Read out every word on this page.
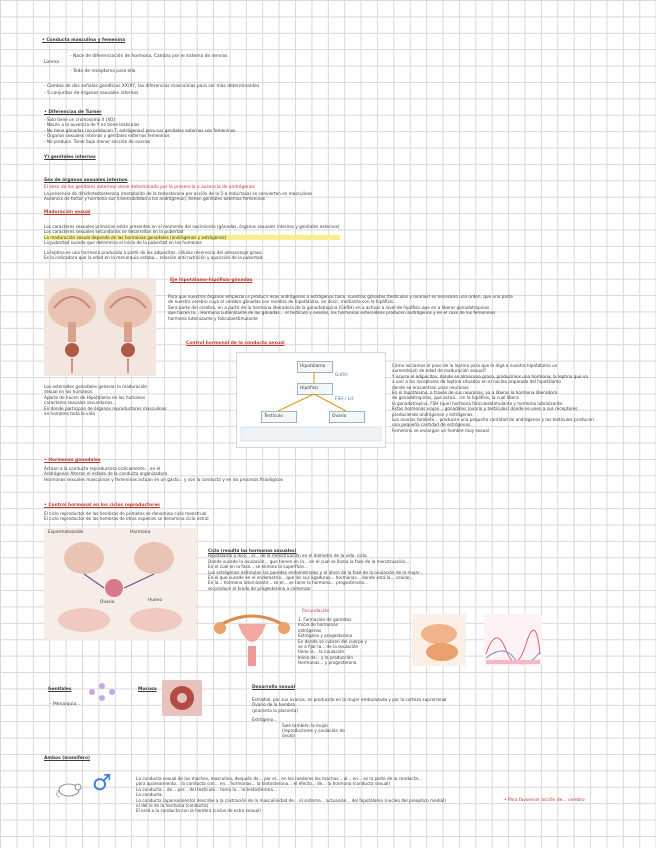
• Conducta masculina y femenina
Lorena
- Nace de diferenciación de hormona, Cambia por el sistema de nervios
- Todo de receptores para ella
- Cambio de dos señales genéticas XX/XY, las diferencias masculinas para ser más determinantes
- 5 conjuntos de órganos sexuales internos
• Diferencias de Turner
- Solo tiene un cromosoma X (XO)
- Nacen a la ausencia de Y no tiene testículos
- No tiene gónadas (no producen T, estrógenos) pero sus genitales externos son femeninos
- Órganos sexuales internos y genitales externos femeninos
- No produce. Tener bajo menor sección de ovarios
Y) genitales internos
Sex de órganos sexuales internos
El sexo de los genitales externos viene determinado por la presencia o ausencia de andrógenos
La presencia de dihidrotestosterona (metabolito de la testosterona por acción de la 5-α reductasa) se convierten en masculinos
Ausencia de factor y hormona sus (insensibilidad a los andrógenos), tienen genitales externos femeninos
Maduración sexual
Los caracteres sexuales primarios están presentes en el momento del nacimiento (gónadas, órganos sexuales internos y genitales externos)
Los caracteres sexuales secundarios se desarrollan en la pubertad
La maduración sexual depende de las hormonas gonadales (andrógenos y estrógenos)
La pubertad sucede que determina el inicio de la pubertad en los humanos
La leptina es una hormona producida a partir de los adipocitos, células reservorio del almacenaje graso.
Es la indicadora que la edad en la menarquia estaba... relación anti-nutrición y aparición de la pubertad.
Eje hipotálamo-hipófisis-gónadas
Para que nuestros órganos empiezan a producir esas andrógenos o estrógenos hace. nuestras gónadas,(testículos y ovarios) es necesario una orden, que una parte
de nuestro cerebro cuya el cerebro gónadas con nombre de hipotálamo, en decir, mediante con la hipófisis.
Sera parte del cerebro, en a partir de la hormona liberadora de la gonadotropina (GnRH) en a activar a nivel de hipófisis,que en a liberar gonadotropinas
que hacen la... Hormona Luteinizante de las gónadas... el testículo y ovarios, los hormonas esteroideas producen andrógenos y en el caso de los femeninos
hormona luteinizante y foliculoestimulante
Control hormonal de la conducta sexual
Los esteroides gonadales generan la maduración
sexual en los humanos.
Aparte de hacen de Hipotálamo en los humanos
caracteres sexuales secundarios...
En donde participan de órganos reproductores masculinos
en hombres toda la vida
Hipotálamo
Hipófisis
GnRH
FSH / LH
Testículo	Ovario
Cómo iniciamos el paso de la leptina para que le diga a nuestro hipotálamo un
aumento(al) de edad de maduración sexual?
Y ocurre el adipocitos, donde se almacena grasa, producimos una hormona, la leptina que va
a unir a los receptores de leptina situados en el núcleo arqueado del hipotálamo
donde se encuentran unas neuronas
En el hipotálamo, a través de sus neuronas, va a liberar la hormona liberadora
de gonadotropinas, que actúa... en la hipófisis, la cual libera
la gonadotropina, FSH (que) hormona foliculoestimulante y hormona luteinizante.
Estas hormonas viajan... gonadales (ovario y testículos) donde se unen a sus receptores
produciendo andrógenos y estrógenos.
Los ovarios también... producen una pequeña cantidad de andrógenos y los testículos producen
una pequeña cantidad de estrógenos.
Femenino se encargan un hombre muy sexual
• Hormonas gonadales
Actúan a la conducta reproductora cíclicamente... en el
Andrógenos Alteran el estado de la conducta organizadora
Hormonas sexuales masculinas y femeninas actúan en un gasto... y son la conducta y en los procesos fisiológicos
• Control hormonal en los ciclos reproductores
El ciclo reproductor de las hembras de primates se denomina ciclo menstrual
El ciclo reproductor de las hembras de otras especies se denomina ciclo estral
Espermatozoide	Hormona
Ovario	Huevo
Ciclo (resulta las hormonas sexuales)
Hipotálamo a diez... el... de la menstruación en el diámetro de la vida. ciclo.
Donde sucede la ovulación... que tienen en la... en el cual se llama la fase de la menstruación...
En el cual en la fase... se elimina la superficie...
Los estrógenos estimulan las paredes endometriales y el útero de la fase de la ovulación de la mujer...
En el que sucede en el endometrio... que las sus ligaduras... hormonas... donde está la... celular...
En la... hormona luteinizante... se el... se tiene la hormona... progesterona...
se produce el fondo de progesterona a comenzar
Fecundación
1. Formación de gametos
Inicio de hormonas
estrógenos
Estrógeno y progesterona
En donde se cubren del cuerpo y
se a fijar la... de la ovulación
tiene la... la ovulación
Inicio de... y la producción
Hormonas... y progesterona
Genitales
- Menarquia...
Mucosa	Desarrollo sexual
Estradiol, por sus ovarios, es producido en la mujer embarazada y por la corteza suprarrenal
Ovario de la hembra
(placenta la placenta)
Estrógeno...
Sale también la mujer
(reproductores y ovulación de
óvulo)
Ambos (mamífero)
♂	La conducta sexual de los machos, masculina, después de... por el... en los roedores los machos... al... en... es la parte de la conducta...
para apareamiento... la conducta con... en... hormonas... la testosterona... el efecto... de... la hormona (conducta sexual)
La conducta... de... por... del testículo... toma la... la testosterona...
La conducta.
La conducta (apareamiento) describe a la castración de la masculinidad de... el sistema... actuación... del hipotálamo (nucleo del preoptico medial)
el del lo de la hormona (conducta)
El será a la conducta con la hembra (ciclos de estro sexual)
• Para favorecer acción de... cerebro
